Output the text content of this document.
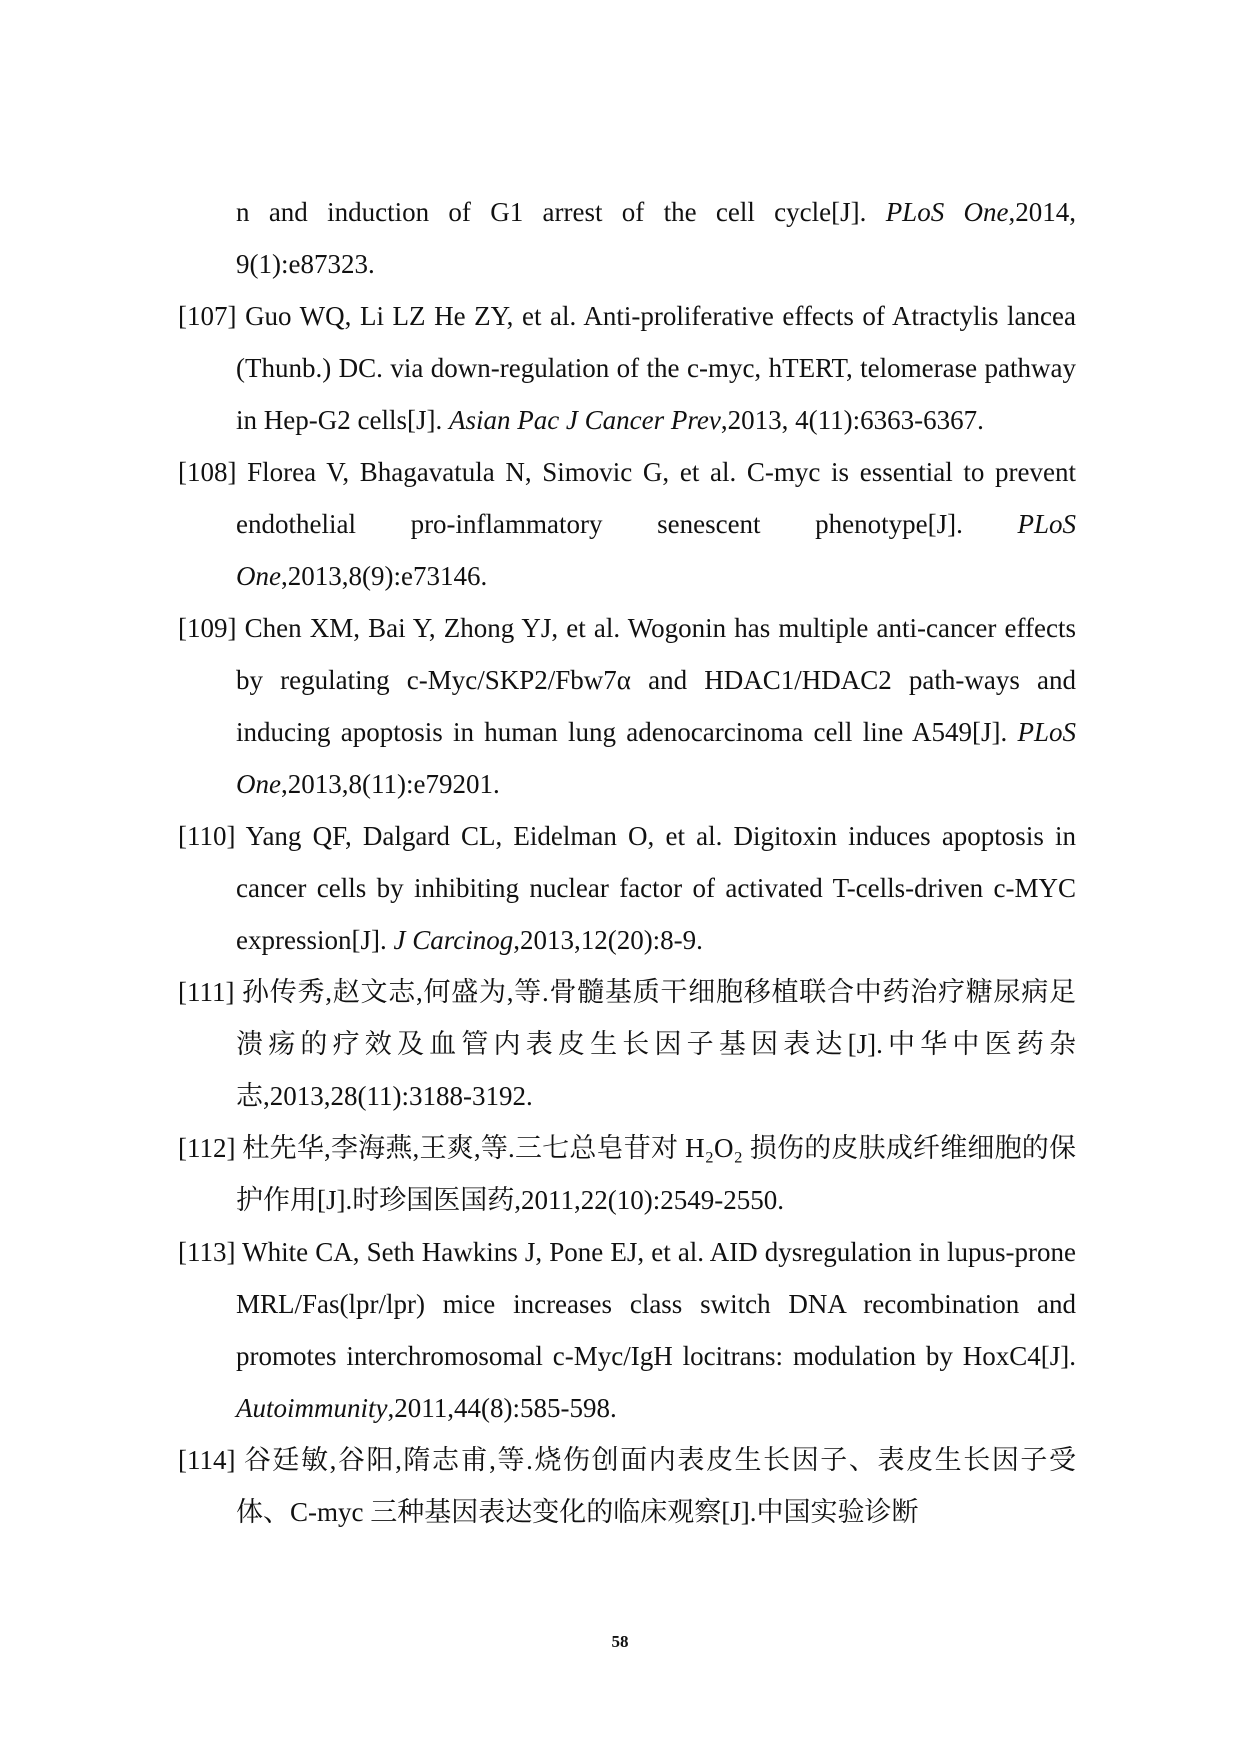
n and induction of G1 arrest of the cell cycle[J]. PLoS One,2014, 9(1):e87323.

[107] Guo WQ, Li LZ He ZY, et al. Anti-proliferative effects of Atractylis lancea (Thunb.) DC. via down-regulation of the c-myc, hTERT, telomerase pathway in Hep-G2 cells[J]. Asian Pac J Cancer Prev,2013, 4(11):6363-6367.

[108] Florea V, Bhagavatula N, Simovic G, et al. C-myc is essential to prevent endothelial pro-inflammatory senescent phenotype[J]. PLoS One,2013,8(9):e73146.

[109] Chen XM, Bai Y, Zhong YJ, et al. Wogonin has multiple anti-cancer effects by regulating c-Myc/SKP2/Fbw7α and HDAC1/HDAC2 path-ways and inducing apoptosis in human lung adenocarcinoma cell line A549[J]. PLoS One,2013,8(11):e79201.

[110] Yang QF, Dalgard CL, Eidelman O, et al. Digitoxin induces apoptosis in cancer cells by inhibiting nuclear factor of activated T-cells-driven c-MYC expression[J]. J Carcinog,2013,12(20):8-9.

[111] 孙传秀,赵文志,何盛为,等.骨髓基质干细胞移植联合中药治疗糖尿病足溃疡的疗效及血管内表皮生长因子基因表达[J].中华中医药杂志,2013,28(11):3188-3192.

[112] 杜先华,李海燕,王爽,等.三七总皂苷对 H₂O₂ 损伤的皮肤成纤维细胞的保护作用[J].时珍国医国药,2011,22(10):2549-2550.

[113] White CA, Seth Hawkins J, Pone EJ, et al. AID dysregulation in lupus-prone MRL/Fas(lpr/lpr) mice increases class switch DNA recombination and promotes interchromosomal c-Myc/IgH locitrans: modulation by HoxC4[J]. Autoimmunity,2011,44(8):585-598.

[114] 谷廷敏,谷阳,隋志甫,等.烧伤创面内表皮生长因子、表皮生长因子受体、C-myc 三种基因表达变化的临床观察[J].中国实验诊断

58
